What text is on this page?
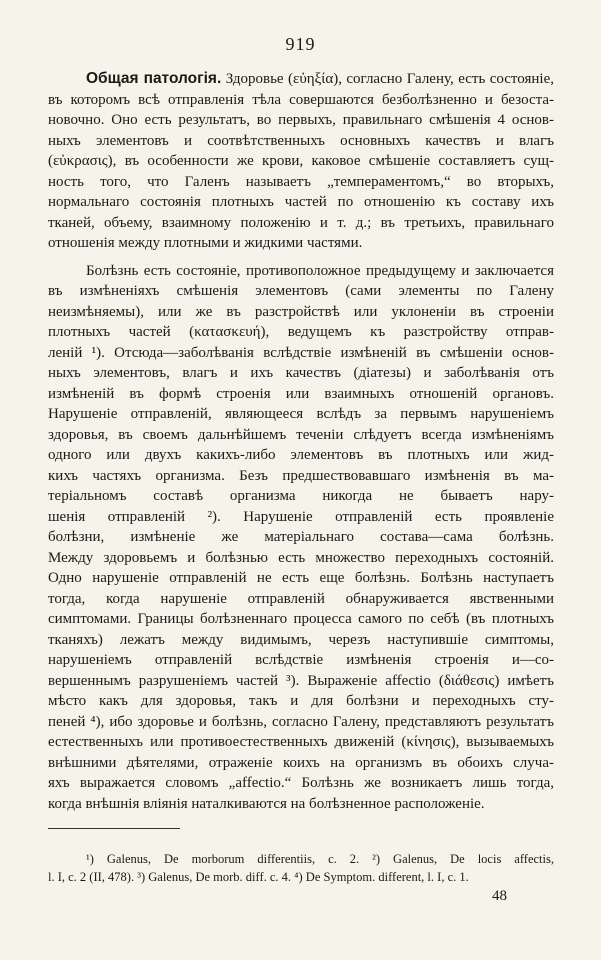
919
Общая патологія. Здоровье (εὐηξία), согласно Галену, есть состояніе,
въ которомъ всѣ отправленія тѣла совершаются безболѣзненно и безоста-
новочно. Оно есть результатъ, во первыхъ, правильнаго смѣшенія 4 основ-
ныхъ элементовъ и соотвѣтственныхъ основныхъ качествъ и влагъ
(εὐκρασις), въ особенности же крови, каковое смѣшеніе составляетъ сущ-
ность того, что Галенъ называетъ „темпераментомъ,“ во вторыхъ,
нормальнаго состоянія плотныхъ частей по отношенію къ составу ихъ
тканей, объему, взаимному положенію и т. д.; въ третьихъ, правильнаго
отношенія между плотными и жидкими частями.
Болѣзнь есть состояніе, противоположное предыдущему и заключается
въ измѣненіяхъ смѣшенія элементовъ (сами элементы по Галену
неизмѣняемы), или же въ разстройствѣ или уклоненіи въ строеніи
плотныхъ частей (κατασκευή), ведущемъ къ разстройству отправ-
леній ¹). Отсюда—заболѣванія вслѣдствіе измѣненій въ смѣшеніи основ-
ныхъ элементовъ, влагъ и ихъ качествъ (діатезы) и заболѣванія отъ
измѣненій въ формѣ строенія или взаимныхъ отношеній органовъ.
Нарушеніе отправленій, являющееся вслѣдъ за первымъ нарушеніемъ
здоровья, въ своемъ дальнѣйшемъ теченіи слѣдуетъ всегда измѣненіямъ
одного или двухъ какихъ-либо элементовъ въ плотныхъ или жид-
кихъ частяхъ организма. Безъ предшествовавшаго измѣненія въ ма-
теріальномъ составѣ организма никогда не бываетъ нару-
шенія отправленій ²). Нарушеніе отправленій есть проявленіе
болѣзни, измѣненіе же матеріальнаго состава—сама болѣзнь.
Между здоровьемъ и болѣзнью есть множество переходныхъ состояній.
Одно нарушеніе отправленій не есть еще болѣзнь. Болѣзнь наступаетъ
тогда, когда нарушеніе отправленій обнаруживается явственными
симптомами. Границы болѣзненнаго процесса самого по себѣ (въ плотныхъ
тканяхъ) лежатъ между видимымъ, черезъ наступившіе симптомы,
нарушеніемъ отправленій вслѣдствіе измѣненія строенія и—со-
вершеннымъ разрушеніемъ частей ³). Выраженіе affectio (διάθεσις) имѣетъ
мѣсто какъ для здоровья, такъ и для болѣзни и переходныхъ сту-
пеней ⁴), ибо здоровье и болѣзнь, согласно Галену, представляютъ результатъ
естественныхъ или противоестественныхъ движеній (κίνησις), вызываемыхъ
внѣшними дѣятелями, отраженіе коихъ на организмъ въ обоихъ случа-
яхъ выражается словомъ „affectio.“ Болѣзнь же возникаетъ лишь тогда,
когда внѣшнія вліянія наталкиваются на болѣзненное расположеніе.
¹) Galenus, De morborum differentiis, c. 2. ²) Galenus, De locis affectis,
l. I, c. 2 (II, 478). ³) Galenus, De morb. diff. c. 4. ⁴) De Symptom. different, l. I, c. 1.
48
